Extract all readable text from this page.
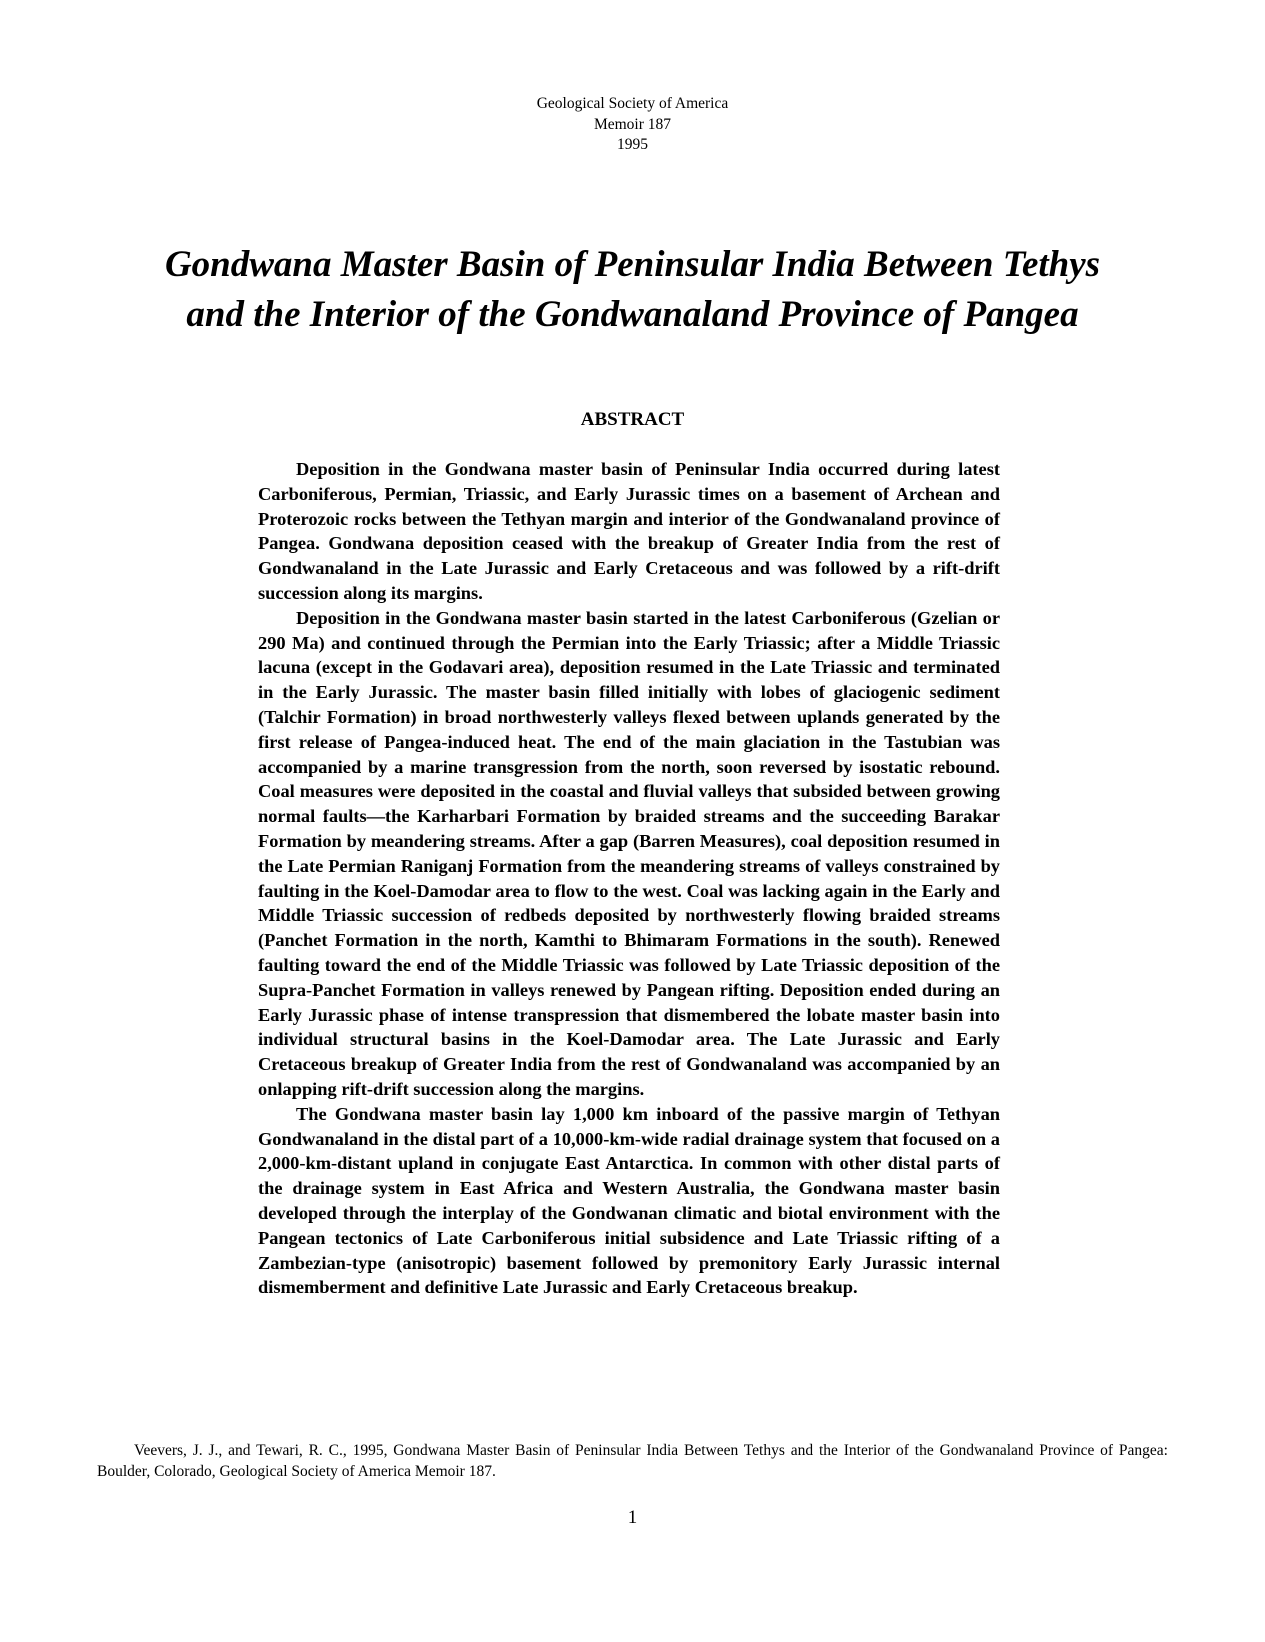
Geological Society of America
Memoir 187
1995
Gondwana Master Basin of Peninsular India Between Tethys
and the Interior of the Gondwanaland Province of Pangea
ABSTRACT

Deposition in the Gondwana master basin of Peninsular India occurred during latest Carboniferous, Permian, Triassic, and Early Jurassic times on a basement of Archean and Proterozoic rocks between the Tethyan margin and interior of the Gondwanaland province of Pangea. Gondwana deposition ceased with the breakup of Greater India from the rest of Gondwanaland in the Late Jurassic and Early Cretaceous and was followed by a rift-drift succession along its margins.

Deposition in the Gondwana master basin started in the latest Carboniferous (Gzelian or 290 Ma) and continued through the Permian into the Early Triassic; after a Middle Triassic lacuna (except in the Godavari area), deposition resumed in the Late Triassic and terminated in the Early Jurassic. The master basin filled initially with lobes of glaciogenic sediment (Talchir Formation) in broad northwesterly valleys flexed between uplands generated by the first release of Pangea-induced heat. The end of the main glaciation in the Tastubian was accompanied by a marine transgression from the north, soon reversed by isostatic rebound. Coal measures were deposited in the coastal and fluvial valleys that subsided between growing normal faults—the Karharbari Formation by braided streams and the succeeding Barakar Formation by meandering streams. After a gap (Barren Measures), coal deposition resumed in the Late Permian Raniganj Formation from the meandering streams of valleys constrained by faulting in the Koel-Damodar area to flow to the west. Coal was lacking again in the Early and Middle Triassic succession of redbeds deposited by northwesterly flowing braided streams (Panchet Formation in the north, Kamthi to Bhimaram Formations in the south). Renewed faulting toward the end of the Middle Triassic was followed by Late Triassic deposition of the Supra-Panchet Formation in valleys renewed by Pangean rifting. Deposition ended during an Early Jurassic phase of intense transpression that dismembered the lobate master basin into individual structural basins in the Koel-Damodar area. The Late Jurassic and Early Cretaceous breakup of Greater India from the rest of Gondwanaland was accompanied by an onlapping rift-drift succession along the margins.

The Gondwana master basin lay 1,000 km inboard of the passive margin of Tethyan Gondwanaland in the distal part of a 10,000-km-wide radial drainage system that focused on a 2,000-km-distant upland in conjugate East Antarctica. In common with other distal parts of the drainage system in East Africa and Western Australia, the Gondwana master basin developed through the interplay of the Gondwanan climatic and biotal environment with the Pangean tectonics of Late Carboniferous initial subsidence and Late Triassic rifting of a Zambezian-type (anisotropic) basement followed by premonitory Early Jurassic internal dismemberment and definitive Late Jurassic and Early Cretaceous breakup.

Veevers, J. J., and Tewari, R. C., 1995, Gondwana Master Basin of Peninsular India Between Tethys and the Interior of the Gondwanaland Province of Pangea: Boulder, Colorado, Geological Society of America Memoir 187.
1
